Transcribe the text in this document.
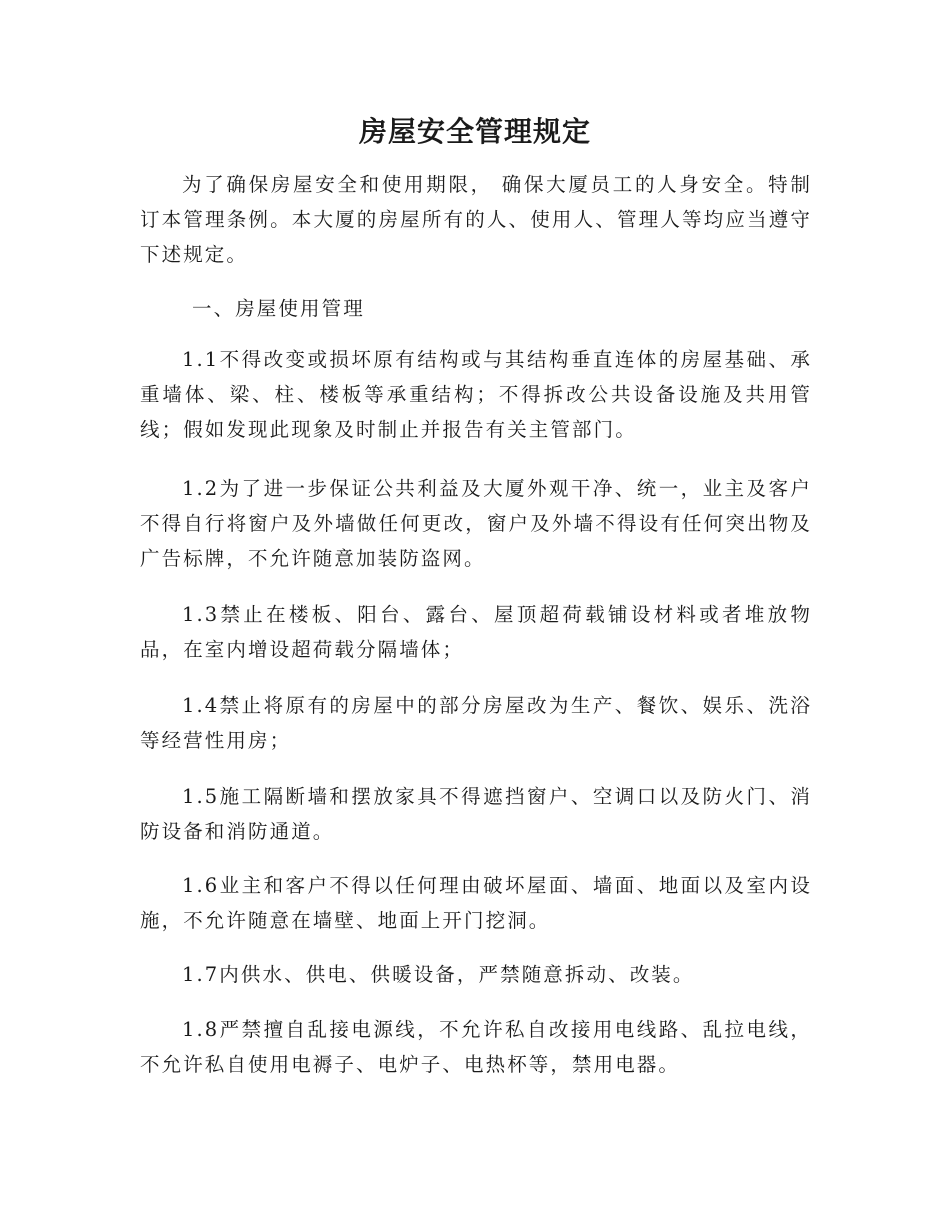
房屋安全管理规定

为了确保房屋安全和使用期限， 确保大厦员工的人身安全。特制订本管理条例。本大厦的房屋所有的人、使用人、管理人等均应当遵守下述规定。

一、房屋使用管理

1.1不得改变或损坏原有结构或与其结构垂直连体的房屋基础、承重墙体、梁、柱、楼板等承重结构；不得拆改公共设备设施及共用管线；假如发现此现象及时制止并报告有关主管部门。

1.2为了进一步保证公共利益及大厦外观干净、统一，业主及客户不得自行将窗户及外墙做任何更改，窗户及外墙不得设有任何突出物及广告标牌，不允许随意加装防盗网。

1.3禁止在楼板、阳台、露台、屋顶超荷载铺设材料或者堆放物品，在室内增设超荷载分隔墙体；

1.4禁止将原有的房屋中的部分房屋改为生产、餐饮、娱乐、洗浴等经营性用房；

1.5施工隔断墙和摆放家具不得遮挡窗户、空调口以及防火门、消防设备和消防通道。

1.6业主和客户不得以任何理由破坏屋面、墙面、地面以及室内设施，不允许随意在墙壁、地面上开门挖洞。

1.7内供水、供电、供暖设备，严禁随意拆动、改装。

1.8严禁擅自乱接电源线，不允许私自改接用电线路、乱拉电线，不允许私自使用电褥子、电炉子、电热杯等，禁用电器。
